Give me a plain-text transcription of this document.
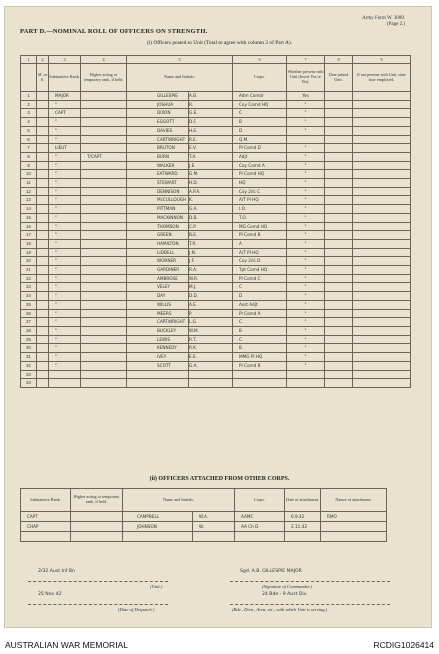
Army Form W. 3009.
(Page 2.)
PART D.—NOMINAL ROLL OF OFFICERS ON STRENGTH.
(i) Officers posted to Unit (Total to agree with column 2 of Part A).
1	2	3	4	5		6	7	8	9
	M. or S.	Substantive Rank.	Higher acting or temporary rank, if held.	Name and Initials.		Corps.	Whether present with Unit (Insert Yes or No).	Date joined Unit.	If not present with Unit, state how employed.
1		MAJOR		GILLESPIE	A.B.	Adm Comdr	Yes		
2		"		JOSHUA	R.	Coy Comd HQ	"		
3		CAPT		DIXON	G.E.	C	"		
4		"		EGGOTT	D.F.	B	"		
5		"		DAVIES	H.E.	D	"		
6		"		CARTWRIGHT	R.E.	Q.M.			
7		LIEUT		BRUTON	E.V.	Pl Comd D	"		
8		"	T/CAPT	BURN	T.A.	Adjt	"		
9		"		WALKER	J.E.	Coy Comd A	"		
10		"		EATWARD	G.M.	Pl Comd HQ	"		
11		"		STEWART	H.D.	HQ	"		
12		"		DENNISON	A.P.A.	Coy 2/ic C	"		
13		"		McCULLOUGH	K.	A/T Pl HQ	"		
14		"		PITTMAN	G.A.	I.O.	"		
15		"		MACKINNON	D.B.	T.O.	"		
16		"		THOMSON	C.P.	MG Comd HQ	"		
17		"		GREEN	B.E.	Pl Comd B	"		
18		"		HAMILTON	T.R.	A	"		
19		"		LIDDELL	J.N.	A/T Pl HQ	"		
20		"		WORNER	J.F.	Coy 2/ic D	"		
21		"		GARDINER	R.A.	Tpt Comd HQ	"		
22		"		AMBROSE	W.R.	Pl Comd C	"		
23		"		VELEY	M.J.	C	"		
24		"		DAY	D.D.	D	"		
25		"		WILLIS	A.E.	Asst Adjt	"		
26		"		MEERS	P.	Pl Comd A	"		
27		"		CARTWRIGHT	L.G.	C	"		
28		"		BUCKLEY	W.M.	B	"		
29		"		LEWIS	R.T.	C	"		
30		"		KENNEDY	R.K.	B	"		
31		"		IVEY	E.E.	MMG Pl HQ	"		
32		"		SCOTT	G.A.	Pl Comd B	"		
33									
34									
(ii) OFFICERS ATTACHED FROM OTHER CORPS.
Substantive Rank.	Higher acting or temporary rank, if held.	Name and Initials.		Corps.	Date of attachment.	Nature of attachment.
CAPT		CAMPBELL	W.A.	AAMC	6.9.42	RMO
CHAP		JOHNSON	W.	AA Ch D	2.11.42	

2/32 Aust Inf Bn
(Unit.)
Sgd. A.B. GILLESPIE MAJOR
(Signature of Commander.)
25 Nov 42
(Date of Despatch.)
24 Bde - 9 Aust Div
(Bde., Divn., Area, etc., with which Unit is serving.)
AUSTRALIAN WAR MEMORIAL	RCDIG1026414
